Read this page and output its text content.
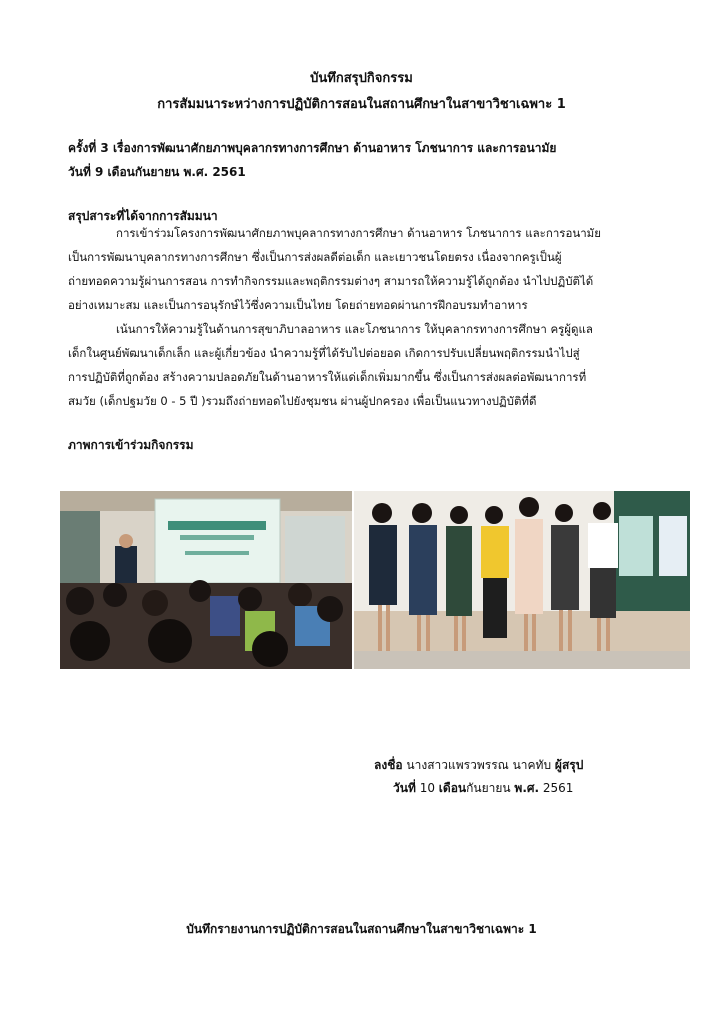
บันทึกสรุปกิจกรรม

การสัมมนาระหว่างการปฏิบัติการสอนในสถานศึกษาในสาขาวิชาเฉพาะ 1

ครั้งที่ 3 เรื่องการพัฒนาศักยภาพบุคลากรทางการศึกษา ด้านอาหาร โภชนาการ และการอนามัย

วันที่ 9 เดือนกันยายน พ.ศ. 2561

สรุปสาระที่ได้จากการสัมมนา

การเข้าร่วมโครงการพัฒนาศักยภาพบุคลากรทางการศึกษา ด้านอาหาร โภชนาการ และการอนามัย
เป็นการพัฒนาบุคลากรทางการศึกษา ซึ่งเป็นการส่งผลดีต่อเด็ก และเยาวชนโดยตรง เนื่องจากครูเป็นผู้
ถ่ายทอดความรู้ผ่านการสอน การทำกิจกรรมและพฤติกรรมต่างๆ สามารถให้ความรู้ได้ถูกต้อง นำไปปฏิบัติได้
อย่างเหมาะสม และเป็นการอนุรักษ์ไว้ซึ่งความเป็นไทย โดยถ่ายทอดผ่านการฝึกอบรมทำอาหาร
เน้นการให้ความรู้ในด้านการสุขาภิบาลอาหาร และโภชนาการ ให้บุคลากรทางการศึกษา ครูผู้ดูแล
เด็กในศูนย์พัฒนาเด็กเล็ก และผู้เกี่ยวข้อง นำความรู้ที่ได้รับไปต่อยอด เกิดการปรับเปลี่ยนพฤติกรรมนำไปสู่
การปฏิบัติที่ถูกต้อง สร้างความปลอดภัยในด้านอาหารให้แด่เด็กเพิ่มมากขึ้น ซึ่งเป็นการส่งผลต่อพัฒนาการที่
สมวัย (เด็กปฐมวัย 0 - 5 ปี )รวมถึงถ่ายทอดไปยังชุมชน ผ่านผู้ปกครอง เพื่อเป็นแนวทางปฏิบัติที่ดี

ภาพการเข้าร่วมกิจกรรม

ลงชื่อ นางสาวแพรวพรรณ นาคทับ ผู้สรุป

วันที่ 10 เดือนกันยายน พ.ศ. 2561

บันทึกรายงานการปฏิบัติการสอนในสถานศึกษาในสาขาวิชาเฉพาะ 1
